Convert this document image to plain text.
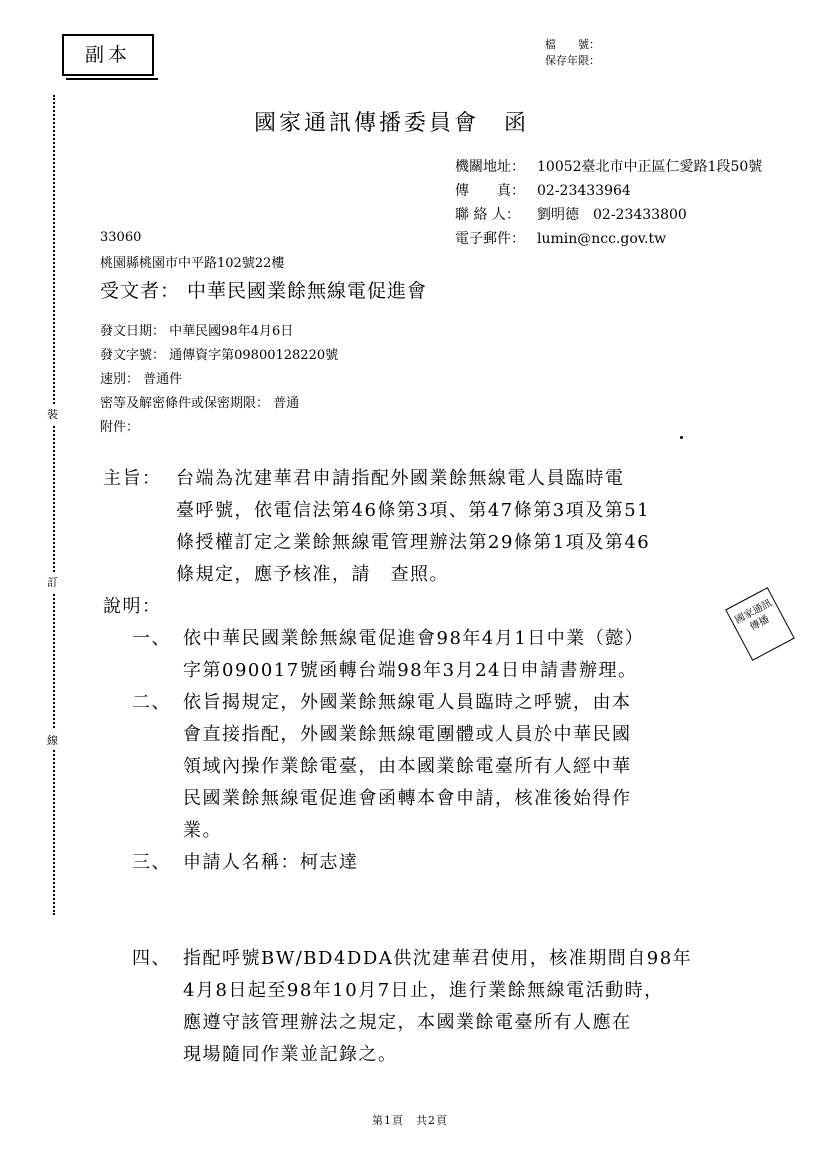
副本	檔　　號：
保存年限：
國家通訊傳播委員會　函
機關地址： 10052臺北市中正區仁愛路1段50號
傳　　真： 02-23433964
聯 絡 人： 劉明德　02-23433800
電子郵件： lumin@ncc.gov.tw
33060
桃園縣桃園市中平路102號22樓
受文者： 中華民國業餘無線電促進會
發文日期： 中華民國98年4月6日
發文字號： 通傳資字第09800128220號
速別： 普通件
密等及解密條件或保密期限： 普通
附件：
主旨： 台端為沈建華君申請指配外國業餘無線電人員臨時電
臺呼號，依電信法第46條第3項、第47條第3項及第51
條授權訂定之業餘無線電管理辦法第29條第1項及第46
條規定，應予核准，請　查照。
說明：
一、 依中華民國業餘無線電促進會98年4月1日中業（懿）
字第090017號函轉台端98年3月24日申請書辦理。
二、 依旨揭規定，外國業餘無線電人員臨時之呼號，由本
會直接指配，外國業餘無線電團體或人員於中華民國
領域內操作業餘電臺，由本國業餘電臺所有人經中華
民國業餘無線電促進會函轉本會申請，核准後始得作
業。
三、 申請人名稱：柯志達
四、 指配呼號BW/BD4DDA供沈建華君使用，核准期間自98年
4月8日起至98年10月7日止，進行業餘無線電活動時，
應遵守該管理辦法之規定，本國業餘電臺所有人應在
現場隨同作業並記錄之。
裝
訂
線
國家通訊傳播
第1頁　共2頁
